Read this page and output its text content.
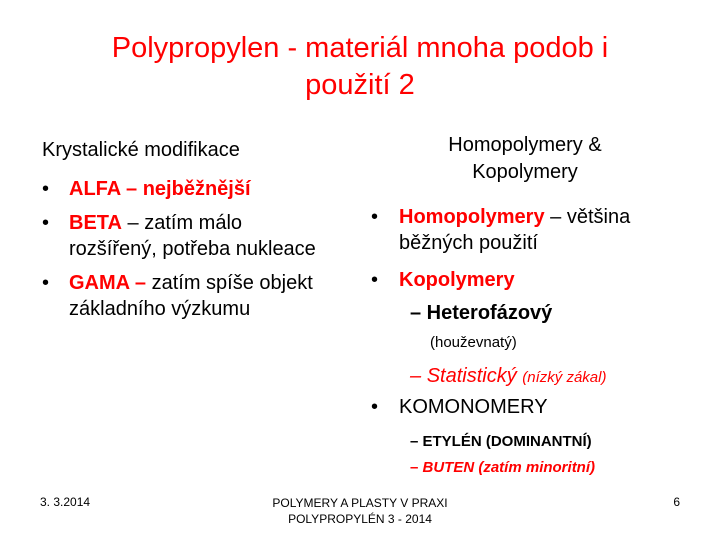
Polypropylen - materiál mnoha podob i
použití 2
Krystalické modifikace
• ALFA – nejběžnější
• BETA – zatím málo rozšířený, potřeba nukleace
• GAMA – zatím spíše objekt základního výzkumu
Homopolymery &
Kopolymery
•	Homopolymery – většina
běžných použití
• Kopolymery
– Heterofázový
(houževnatý)
– Statistický (nízký zákal)
• KOMONOMERY
– ETYLÉN (DOMINANTNÍ)
– BUTEN (zatím minoritní)
3. 3.2014	POLYMERY A PLASTY V PRAXI
POLYPROPYLÉN 3 - 2014
6
